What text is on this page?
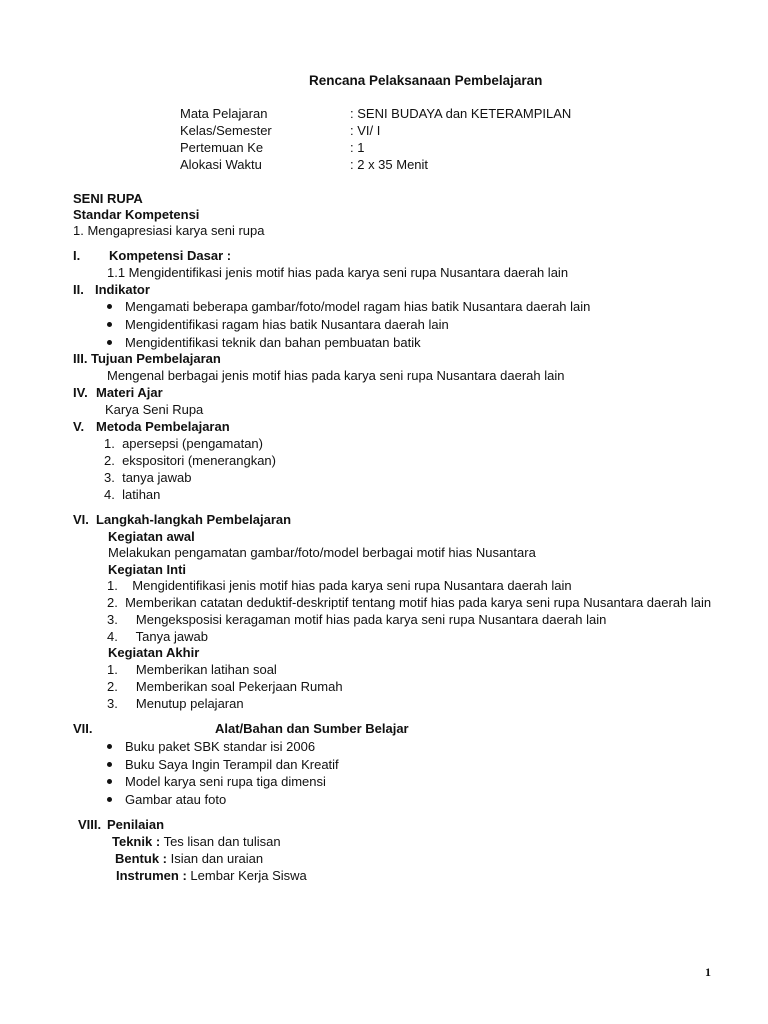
Rencana Pelaksanaan Pembelajaran
Mata Pelajaran	: SENI BUDAYA dan KETERAMPILAN
Kelas/Semester	: VI/ I
Pertemuan Ke	: 1
Alokasi Waktu	: 2 x 35 Menit
SENI RUPA
Standar Kompetensi
1. Mengapresiasi karya seni rupa
I. Kompetensi Dasar :
1.1 Mengidentifikasi jenis motif hias pada karya seni rupa Nusantara daerah lain
II. Indikator
Mengamati beberapa gambar/foto/model ragam hias batik Nusantara daerah lain
Mengidentifikasi ragam hias batik Nusantara daerah lain
Mengidentifikasi teknik dan bahan pembuatan batik
III. Tujuan Pembelajaran
Mengenal berbagai jenis motif hias pada karya seni rupa Nusantara daerah lain
IV. Materi Ajar
Karya Seni Rupa
V. Metoda Pembelajaran
1. apersepsi (pengamatan)
2. ekspositori (menerangkan)
3. tanya jawab
4. latihan
VI. Langkah-langkah Pembelajaran
Kegiatan awal
Melakukan pengamatan gambar/foto/model berbagai motif hias Nusantara
Kegiatan Inti
1. Mengidentifikasi jenis motif hias pada karya seni rupa Nusantara daerah lain
2. Memberikan catatan deduktif-deskriptif tentang motif hias pada karya seni rupa Nusantara daerah lain
3. Mengeksposisi keragaman motif hias pada karya seni rupa Nusantara daerah lain
4. Tanya jawab
Kegiatan Akhir
1. Memberikan latihan soal
2. Memberikan soal Pekerjaan Rumah
3. Menutup pelajaran
VII.	Alat/Bahan dan Sumber Belajar
Buku paket SBK standar isi 2006
Buku Saya Ingin Terampil dan Kreatif
Model karya seni rupa tiga dimensi
Gambar atau foto
VIII. Penilaian
Teknik : Tes lisan dan tulisan
Bentuk : Isian dan uraian
Instrumen : Lembar Kerja Siswa
1
